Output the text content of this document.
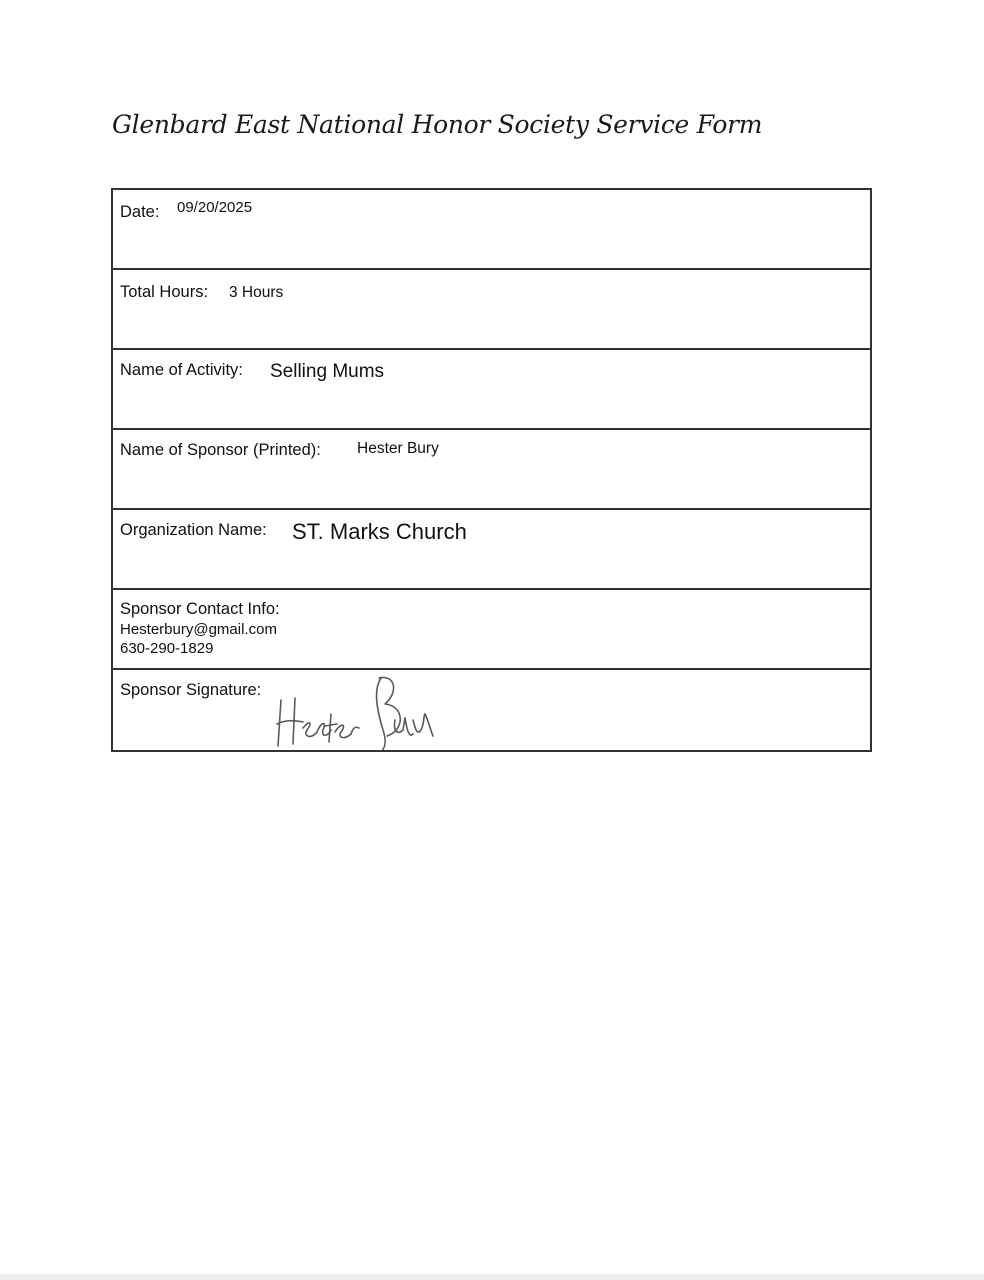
Glenbard East National Honor Society Service Form
Date: 09/20/2025
Total Hours: 3 Hours
Name of Activity: Selling Mums
Name of Sponsor (Printed): Hester Bury
Organization Name: ST. Marks Church
Sponsor Contact Info:
Hesterbury@gmail.com
630-290-1829
Sponsor Signature:
